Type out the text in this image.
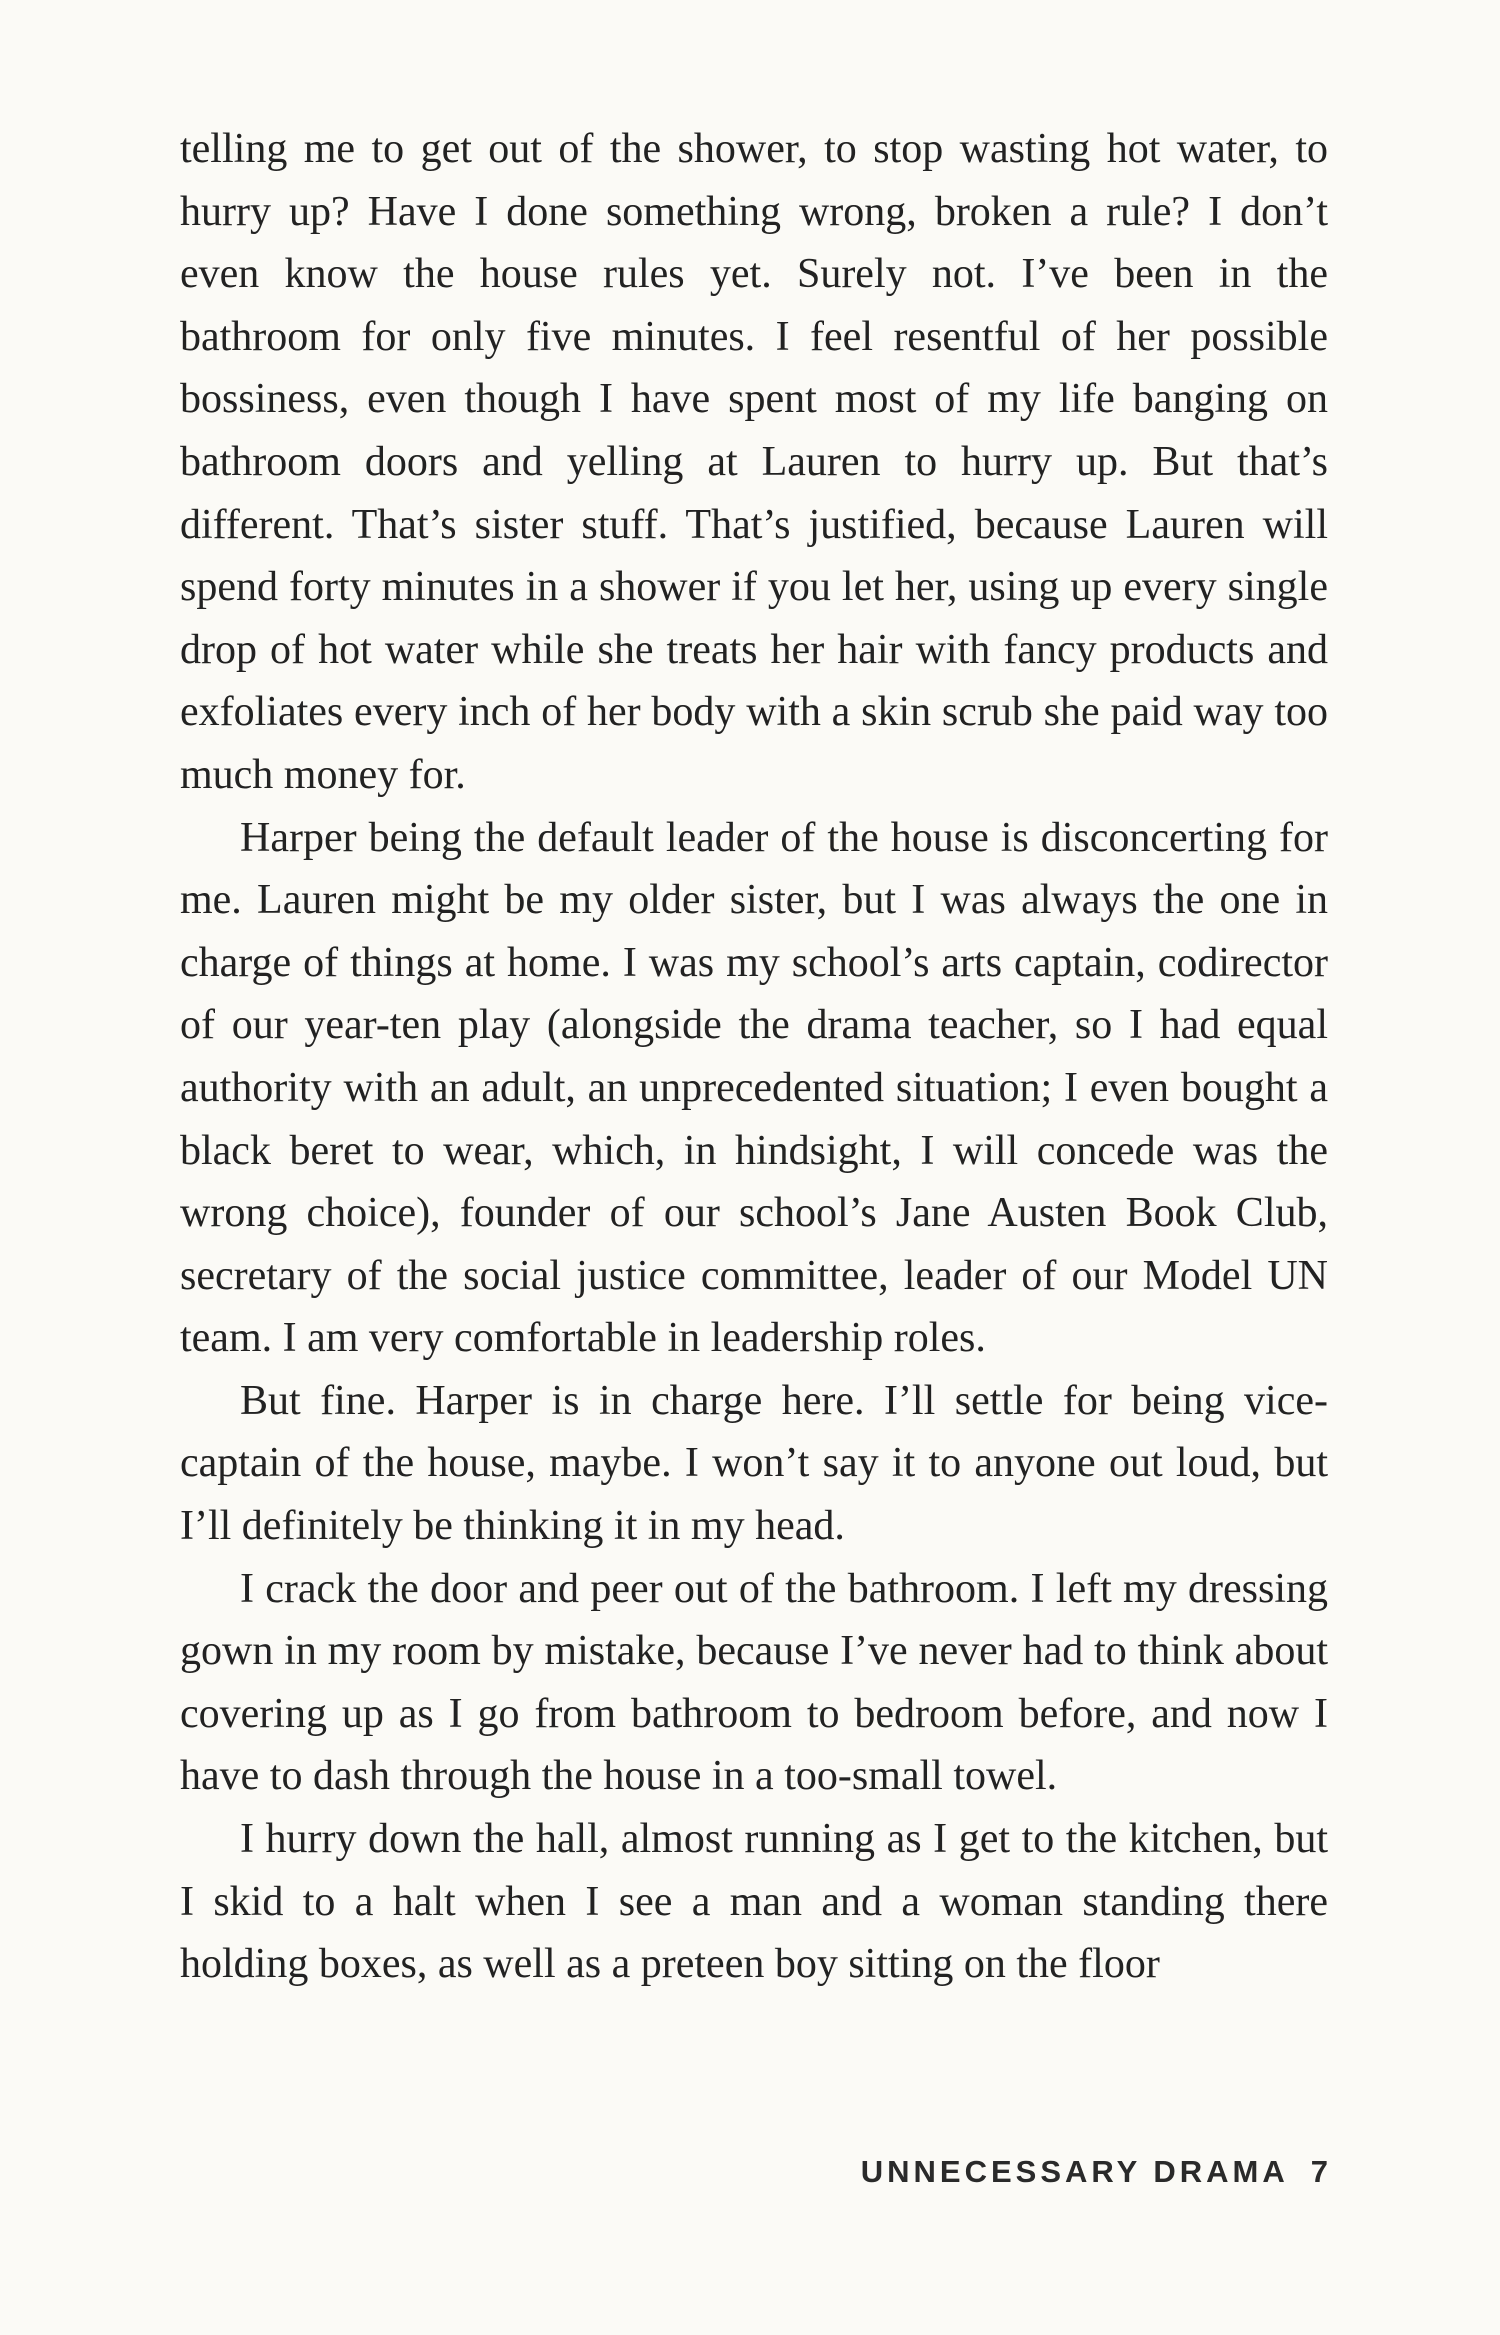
telling me to get out of the shower, to stop wasting hot water, to hurry up? Have I done something wrong, broken a rule? I don’t even know the house rules yet. Surely not. I’ve been in the bathroom for only five minutes. I feel resentful of her possible bossiness, even though I have spent most of my life banging on bathroom doors and yelling at Lauren to hurry up. But that’s different. That’s sister stuff. That’s justified, because Lauren will spend forty minutes in a shower if you let her, using up every single drop of hot water while she treats her hair with fancy products and exfoliates every inch of her body with a skin scrub she paid way too much money for.

Harper being the default leader of the house is disconcerting for me. Lauren might be my older sister, but I was always the one in charge of things at home. I was my school’s arts captain, codirector of our year-ten play (alongside the drama teacher, so I had equal authority with an adult, an unprecedented situation; I even bought a black beret to wear, which, in hindsight, I will concede was the wrong choice), founder of our school’s Jane Austen Book Club, secretary of the social justice committee, leader of our Model UN team. I am very comfortable in leadership roles.

But fine. Harper is in charge here. I’ll settle for being vice-captain of the house, maybe. I won’t say it to anyone out loud, but I’ll definitely be thinking it in my head.

I crack the door and peer out of the bathroom. I left my dressing gown in my room by mistake, because I’ve never had to think about covering up as I go from bathroom to bedroom before, and now I have to dash through the house in a too-small towel.

I hurry down the hall, almost running as I get to the kitchen, but I skid to a halt when I see a man and a woman standing there holding boxes, as well as a preteen boy sitting on the floor

UNNECESSARY DRAMA 7
